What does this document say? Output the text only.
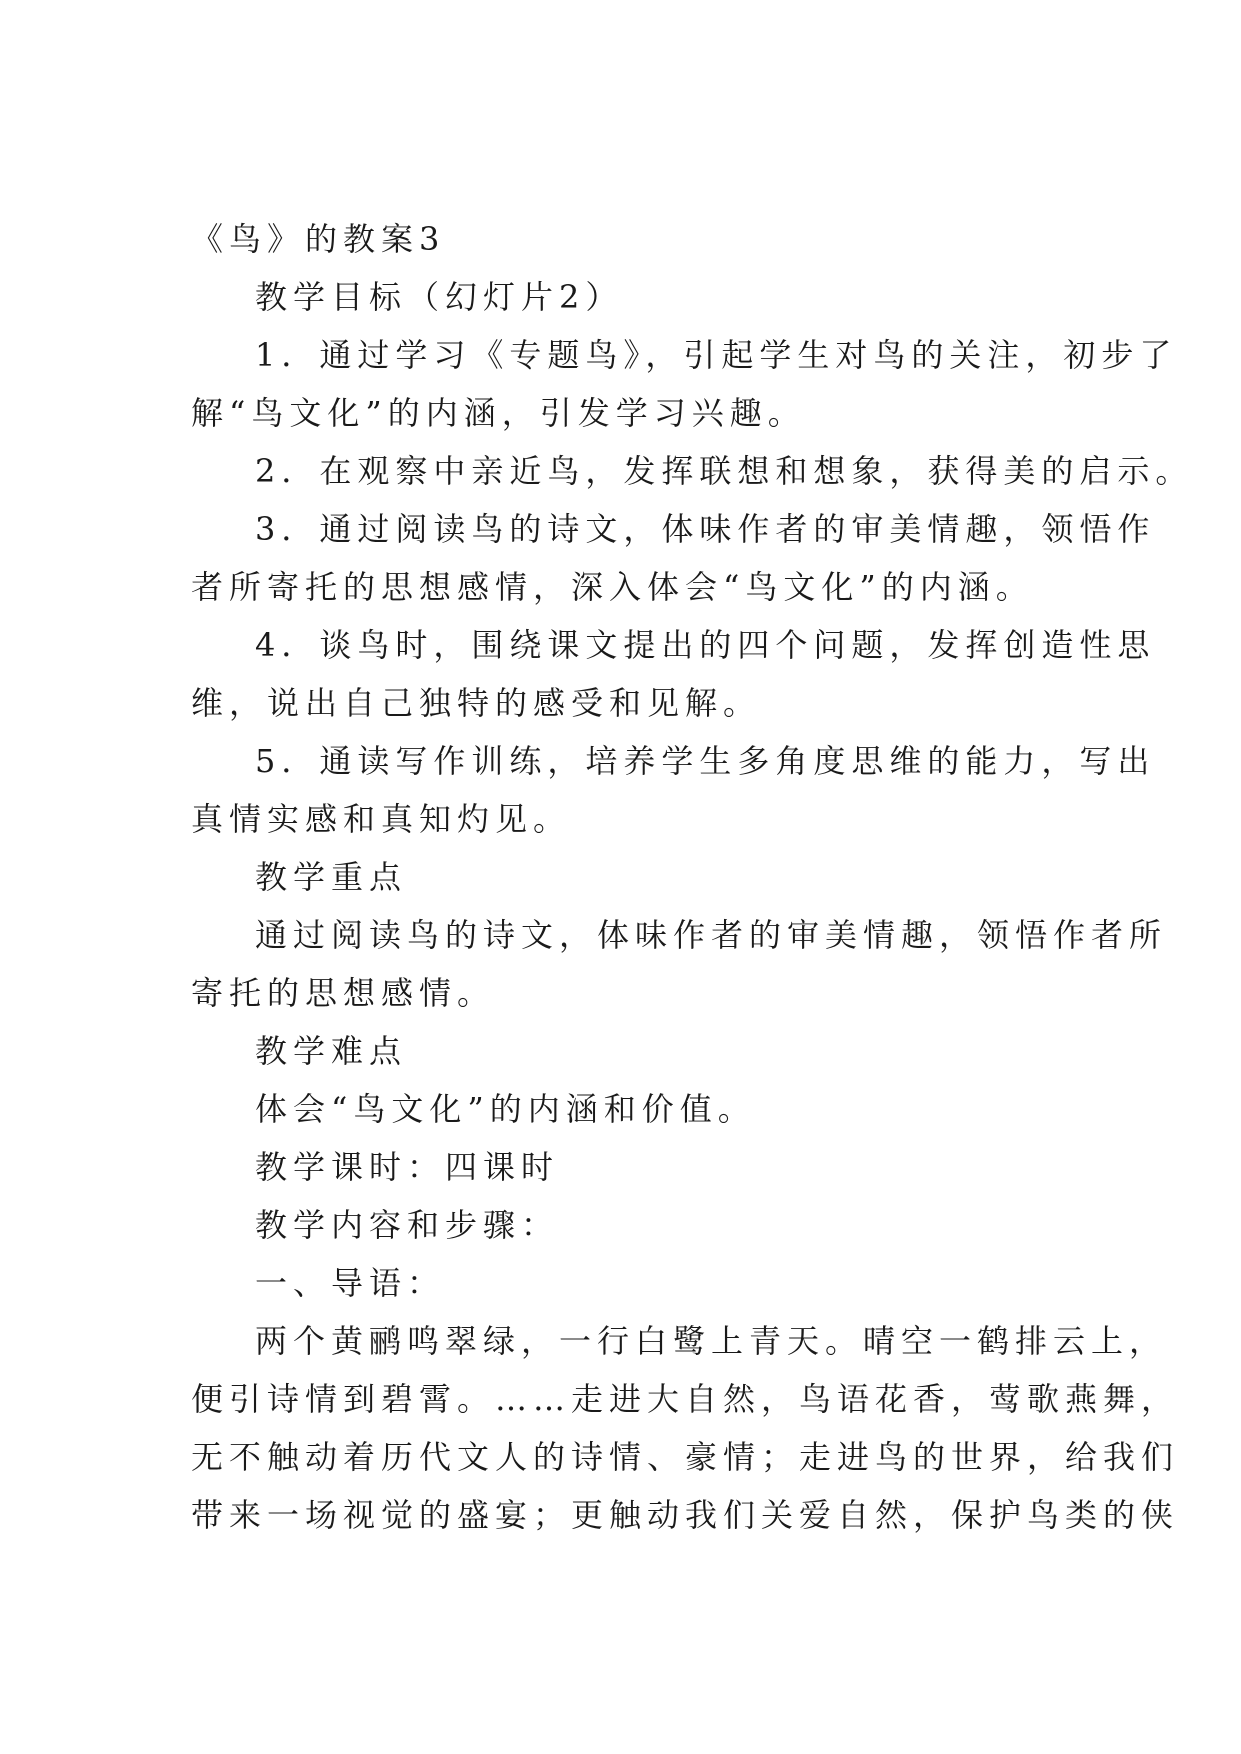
《鸟》的教案3

教学目标（幻灯片2）

1．通过学习《专题鸟》，引起学生对鸟的关注，初步了

解“鸟文化”的内涵，引发学习兴趣。

2．在观察中亲近鸟，发挥联想和想象，获得美的启示。

3．通过阅读鸟的诗文，体味作者的审美情趣，领悟作

者所寄托的思想感情，深入体会“鸟文化”的内涵。

4．谈鸟时，围绕课文提出的四个问题，发挥创造性思

维，说出自己独特的感受和见解。

5．通读写作训练，培养学生多角度思维的能力，写出

真情实感和真知灼见。

教学重点

通过阅读鸟的诗文，体味作者的审美情趣，领悟作者所

寄托的思想感情。

教学难点

体会“鸟文化”的内涵和价值。

教学课时：四课时

教学内容和步骤：

一、导语：

两个黄鹂鸣翠绿，一行白鹭上青天。晴空一鹤排云上，

便引诗情到碧霄。……走进大自然，鸟语花香，莺歌燕舞，

无不触动着历代文人的诗情、豪情；走进鸟的世界，给我们

带来一场视觉的盛宴；更触动我们关爱自然，保护鸟类的侠
